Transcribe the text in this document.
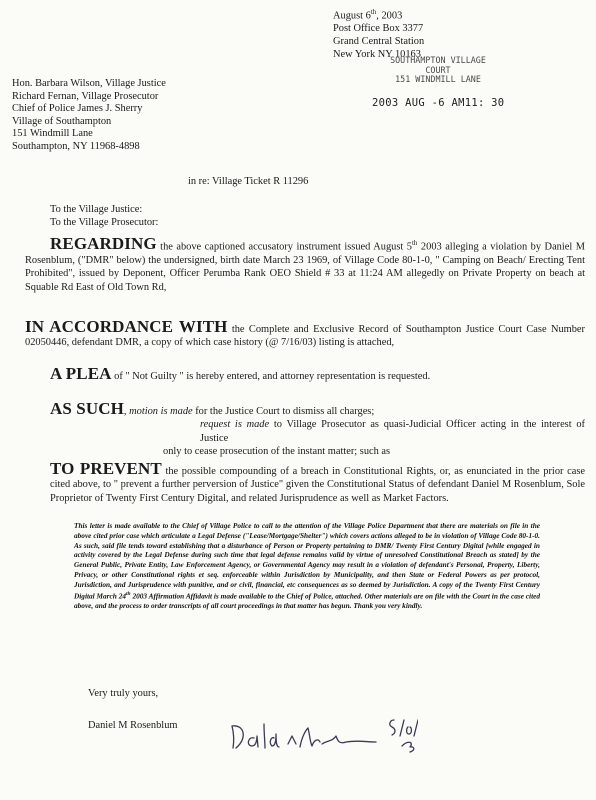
August 6th, 2003
Post Office Box 3377
Grand Central Station
New York NY 10163
SOUTHAMPTON VILLAGE
COURT
151 WINDMILL LANE
2003 AUG -6 AM11: 30
Hon. Barbara Wilson, Village Justice
Richard Fernan, Village Prosecutor
Chief of Police James J. Sherry
Village of Southampton
151 Windmill Lane
Southampton, NY 11968-4898
in re: Village Ticket R 11296
To the Village Justice:
To the Village Prosecutor:
REGARDING the above captioned accusatory instrument issued August 5th 2003 alleging a violation by Daniel M Rosenblum, ("DMR" below) the undersigned, birth date March 23 1969, of Village Code 80-1-0, " Camping on Beach/ Erecting Tent Prohibited", issued by Deponent, Officer Perumba Rank OEO Shield # 33 at 11:24 AM allegedly on Private Property on beach at Squable Rd East of Old Town Rd,
IN ACCORDANCE WITH the Complete and Exclusive Record of Southampton Justice Court Case Number 02050446, defendant DMR, a copy of which case history (@ 7/16/03) listing is attached,
A PLEA of " Not Guilty " is hereby entered, and attorney representation is requested.
AS SUCH, motion is made for the Justice Court to dismiss all charges;
request is made to Village Prosecutor as quasi-Judicial Officer acting in the interest of Justice
only to cease prosecution of the instant matter; such as
TO PREVENT the possible compounding of a breach in Constitutional Rights, or, as enunciated in the prior case cited above, to " prevent a further perversion of Justice" given the Constitutional Status of defendant Daniel M Rosenblum, Sole Proprietor of Twenty First Century Digital, and related Jurisprudence as well as Market Factors.
This letter is made available to the Chief of Village Police to call to the attention of the Village Police Department that there are materials on file in the above cited prior case which articulate a Legal Defense ("Lease/Mortgage/Shelter") which covers actions alleged to be in violation of Village Code 80-1-0. As such, said file tends toward establishing that a disturbance of Person or Property pertaining to DMR/ Twenty First Century Digital [while engaged in activity covered by the Legal Defense during such time that legal defense remains valid by virtue of unresolved Constitutional Breach as stated] by the General Public, Private Entity, Law Enforcement Agency, or Governmental Agency may result in a violation of defendant's Personal, Property, Liberty, Privacy, or other Constitutional rights et seq. enforceable within Jurisdiction by Municipality, and then State or Federal Powers as per protocol, Jurisdiction, and Jurisprudence with punitive, and or civil, financial, etc consequences as so deemed by Jurisdiction. A copy of the Twenty First Century Digital March 24th 2003 Affirmation Affidavit is made available to the Chief of Police, attached. Other materials are on file with the Court in the case cited above, and the process to order transcripts of all court proceedings in that matter has begun. Thank you very kindly.
Very truly yours,
Daniel M Rosenblum
